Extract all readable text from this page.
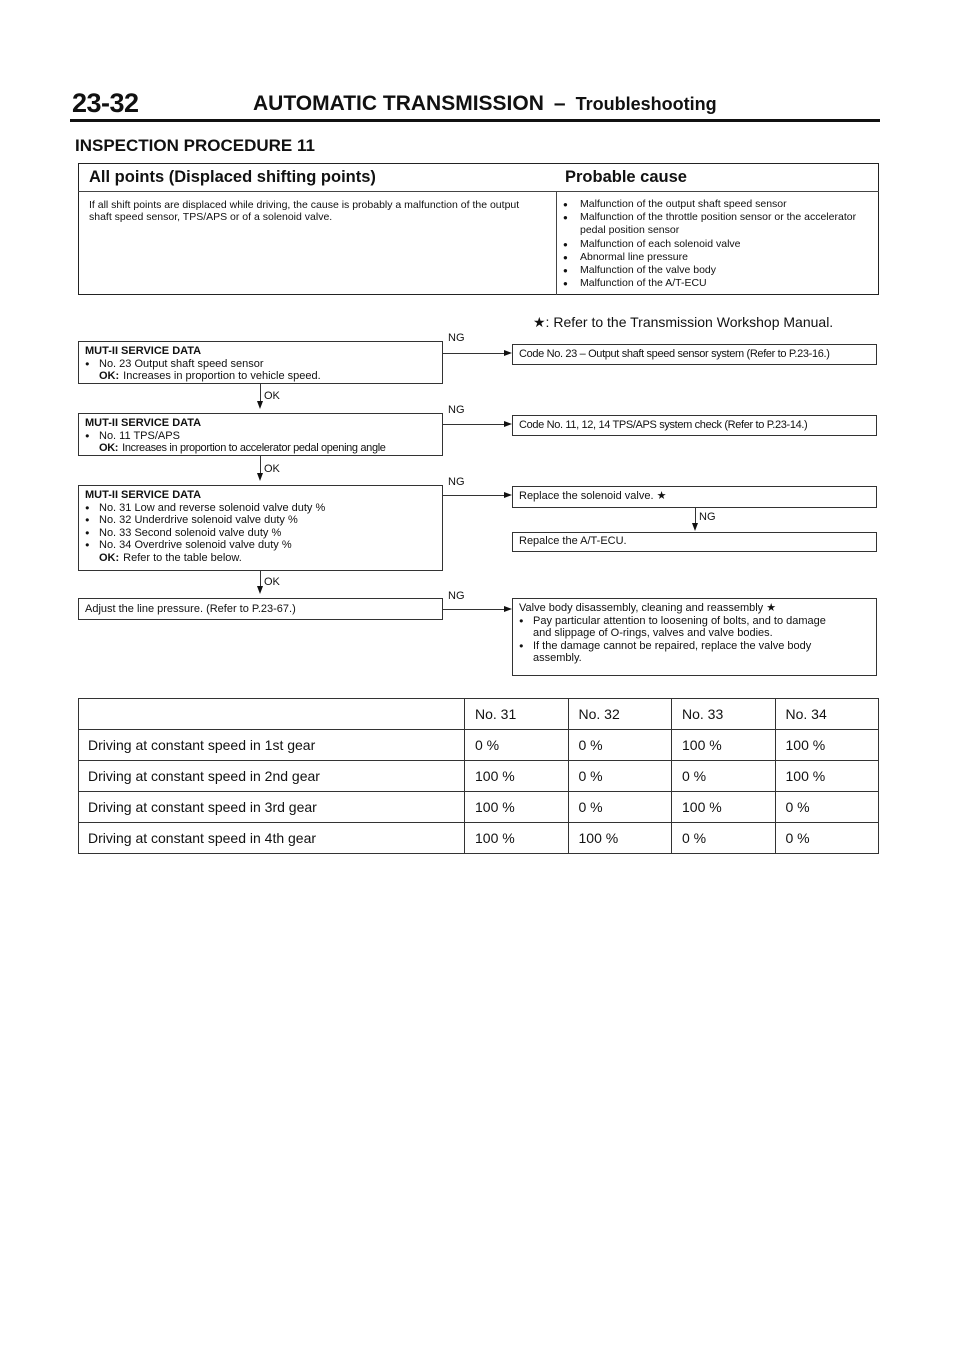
23-32	AUTOMATIC TRANSMISSION – Troubleshooting
INSPECTION PROCEDURE 11
All points (Displaced shifting points)	Probable cause
If all shift points are displaced while driving, the cause is probably a malfunction of the output shaft speed sensor, TPS/APS or of a solenoid valve.
● Malfunction of the output shaft speed sensor
● Malfunction of the throttle position sensor or the accelerator pedal position sensor
● Malfunction of each solenoid valve
● Abnormal line pressure
● Malfunction of the valve body
● Malfunction of the A/T-ECU
★: Refer to the Transmission Workshop Manual.
MUT-II SERVICE DATA
● No. 23 Output shaft speed sensor
OK: Increases in proportion to vehicle speed.
NG
Code No. 23 – Output shaft speed sensor system (Refer to P.23-16.)
OK
MUT-II SERVICE DATA
● No. 11 TPS/APS
OK: Increases in proportion to accelerator pedal opening angle
NG
Code No. 11, 12, 14 TPS/APS system check (Refer to P.23-14.)
OK
MUT-II SERVICE DATA
● No. 31 Low and reverse solenoid valve duty %
● No. 32 Underdrive solenoid valve duty %
● No. 33 Second solenoid valve duty %
● No. 34 Overdrive solenoid valve duty %
OK: Refer to the table below.
NG
Replace the solenoid valve. ★
NG
Repalce the A/T-ECU.
OK
Adjust the line pressure. (Refer to P.23-67.)
NG
Valve body disassembly, cleaning and reassembly ★
● Pay particular attention to loosening of bolts, and to damage
and slippage of O-rings, valves and valve bodies.
● If the damage cannot be repaired, replace the valve body
assembly.
	No. 31	No. 32	No. 33	No. 34
Driving at constant speed in 1st gear	0 %	0 %	100 %	100 %
Driving at constant speed in 2nd gear	100 %	0 %	0 %	100 %
Driving at constant speed in 3rd gear	100 %	0 %	100 %	0 %
Driving at constant speed in 4th gear	100 %	100 %	0 %	0 %
